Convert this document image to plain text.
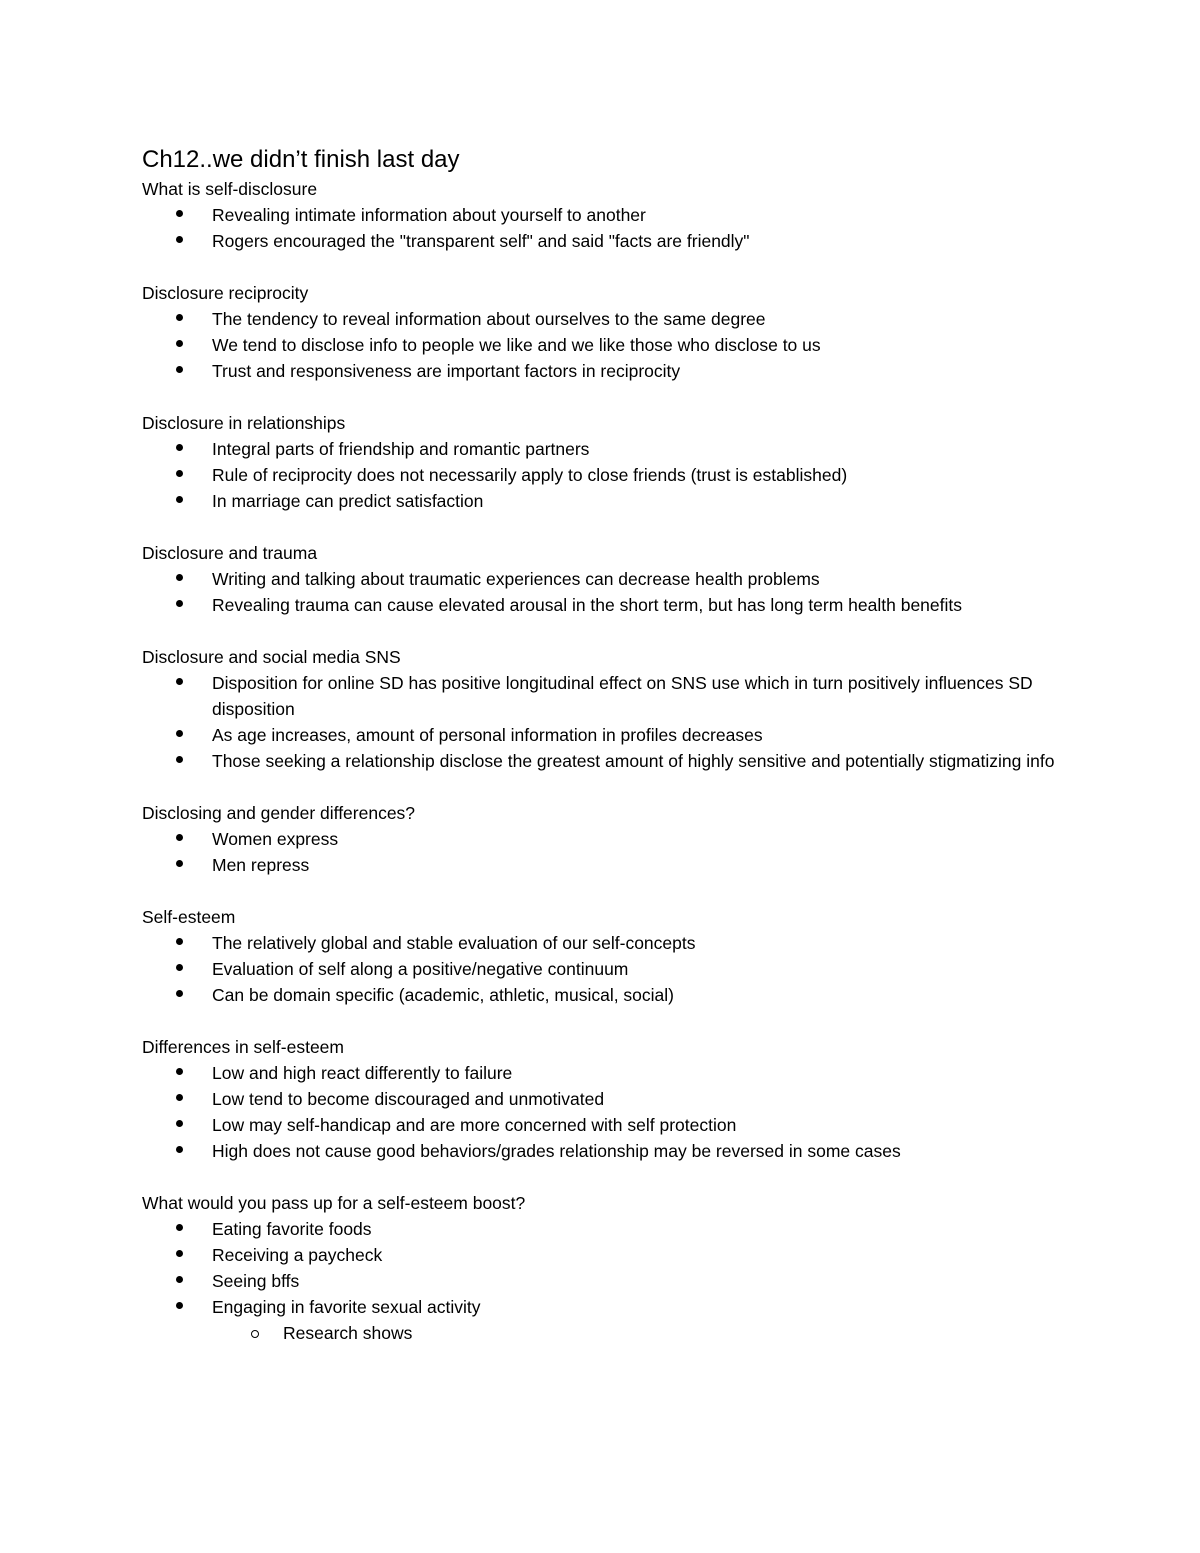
Ch12..we didn’t finish last day

What is self-disclosure

Revealing intimate information about yourself to another
Rogers encouraged the "transparent self" and said "facts are friendly"

Disclosure reciprocity

The tendency to reveal information about ourselves to the same degree
We tend to disclose info to people we like and we like those who disclose to us
Trust and responsiveness are important factors in reciprocity

Disclosure in relationships

Integral parts of friendship and romantic partners
Rule of reciprocity does not necessarily apply to close friends (trust is established)
In marriage can predict satisfaction

Disclosure and trauma

Writing and talking about traumatic experiences can decrease health problems
Revealing trauma can cause elevated arousal in the short term, but has long term health benefits

Disclosure and social media SNS

Disposition for online SD has positive longitudinal effect on SNS use which in turn positively influences SD disposition
As age increases, amount of personal information in profiles decreases
Those seeking a relationship disclose the greatest amount of highly sensitive and potentially stigmatizing info

Disclosing and gender differences?

Women express
Men repress

Self-esteem

The relatively global and stable evaluation of our self-concepts
Evaluation of self along a positive/negative continuum
Can be domain specific (academic, athletic, musical, social)

Differences in self-esteem

Low and high react differently to failure
Low tend to become discouraged and unmotivated
Low may self-handicap and are more concerned with self protection
High does not cause good behaviors/grades relationship may be reversed in some cases

What would you pass up for a self-esteem boost?

Eating favorite foods
Receiving a paycheck
Seeing bffs
Engaging in favorite sexual activity
Research shows
